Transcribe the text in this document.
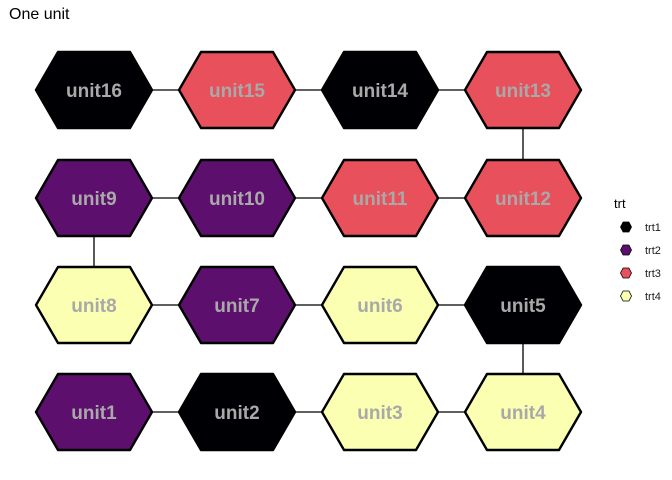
One unit
unit1	unit2	unit3	unit4
unit5
unit6
unit7
unit8
unit9	unit10	unit11	unit12
unit13
unit14
unit15
unit16
trt
trt1
trt2
trt3
trt4
